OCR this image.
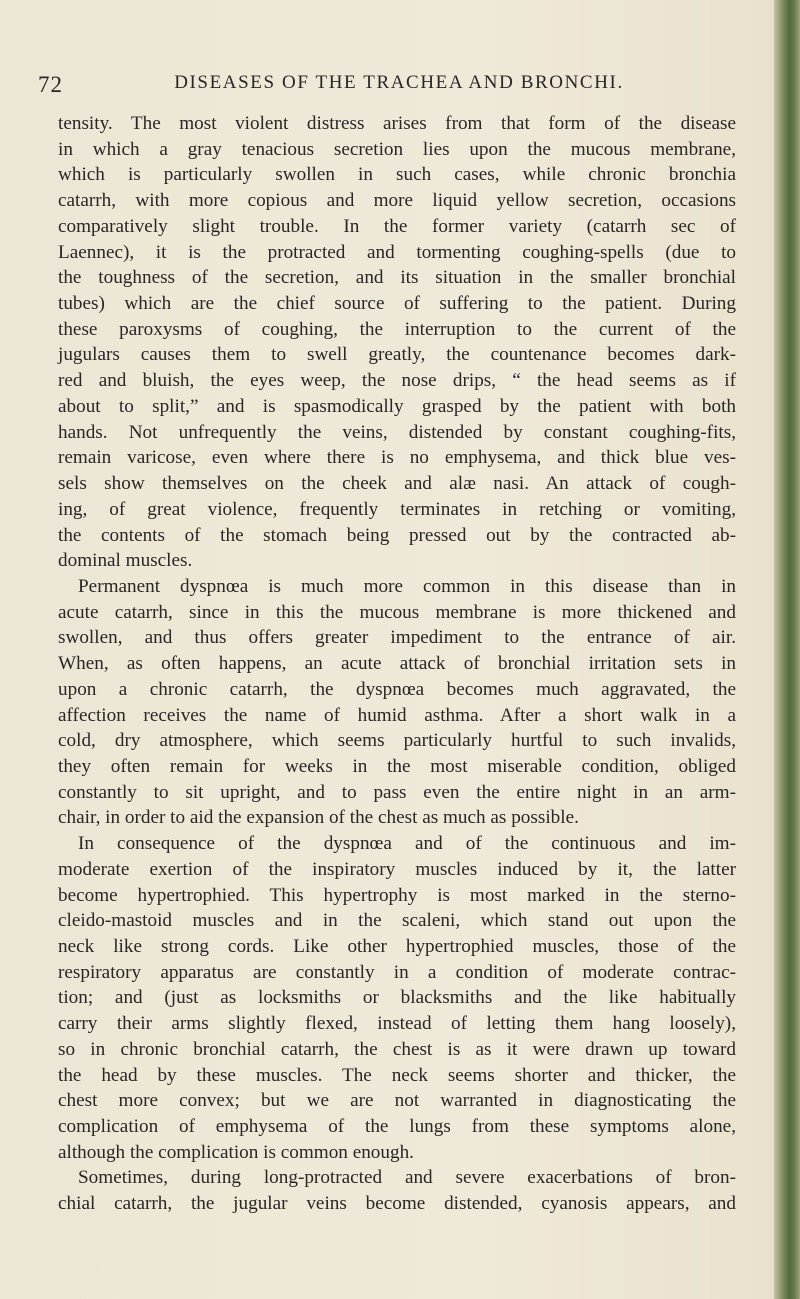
72	DISEASES OF THE TRACHEA AND BRONCHI.
tensity. The most violent distress arises from that form of the disease
in which a gray tenacious secretion lies upon the mucous membrane,
which is particularly swollen in such cases, while chronic bronchia
catarrh, with more copious and more liquid yellow secretion, occasions
comparatively slight trouble. In the former variety (catarrh sec of
Laennec), it is the protracted and tormenting coughing-spells (due to
the toughness of the secretion, and its situation in the smaller bronchial
tubes) which are the chief source of suffering to the patient. During
these paroxysms of coughing, the interruption to the current of the
jugulars causes them to swell greatly, the countenance becomes dark-
red and bluish, the eyes weep, the nose drips, “ the head seems as if
about to split,” and is spasmodically grasped by the patient with both
hands. Not unfrequently the veins, distended by constant coughing-fits,
remain varicose, even where there is no emphysema, and thick blue ves-
sels show themselves on the cheek and alæ nasi. An attack of cough-
ing, of great violence, frequently terminates in retching or vomiting,
the contents of the stomach being pressed out by the contracted ab-
dominal muscles.
Permanent dyspnœa is much more common in this disease than in
acute catarrh, since in this the mucous membrane is more thickened and
swollen, and thus offers greater impediment to the entrance of air.
When, as often happens, an acute attack of bronchial irritation sets in
upon a chronic catarrh, the dyspnœa becomes much aggravated, the
affection receives the name of humid asthma. After a short walk in a
cold, dry atmosphere, which seems particularly hurtful to such invalids,
they often remain for weeks in the most miserable condition, obliged
constantly to sit upright, and to pass even the entire night in an arm-
chair, in order to aid the expansion of the chest as much as possible.
In consequence of the dyspnœa and of the continuous and im-
moderate exertion of the inspiratory muscles induced by it, the latter
become hypertrophied. This hypertrophy is most marked in the sterno-
cleido-mastoid muscles and in the scaleni, which stand out upon the
neck like strong cords. Like other hypertrophied muscles, those of the
respiratory apparatus are constantly in a condition of moderate contrac-
tion; and (just as locksmiths or blacksmiths and the like habitually
carry their arms slightly flexed, instead of letting them hang loosely),
so in chronic bronchial catarrh, the chest is as it were drawn up toward
the head by these muscles. The neck seems shorter and thicker, the
chest more convex; but we are not warranted in diagnosticating the
complication of emphysema of the lungs from these symptoms alone,
although the complication is common enough.
Sometimes, during long-protracted and severe exacerbations of bron-
chial catarrh, the jugular veins become distended, cyanosis appears, and
